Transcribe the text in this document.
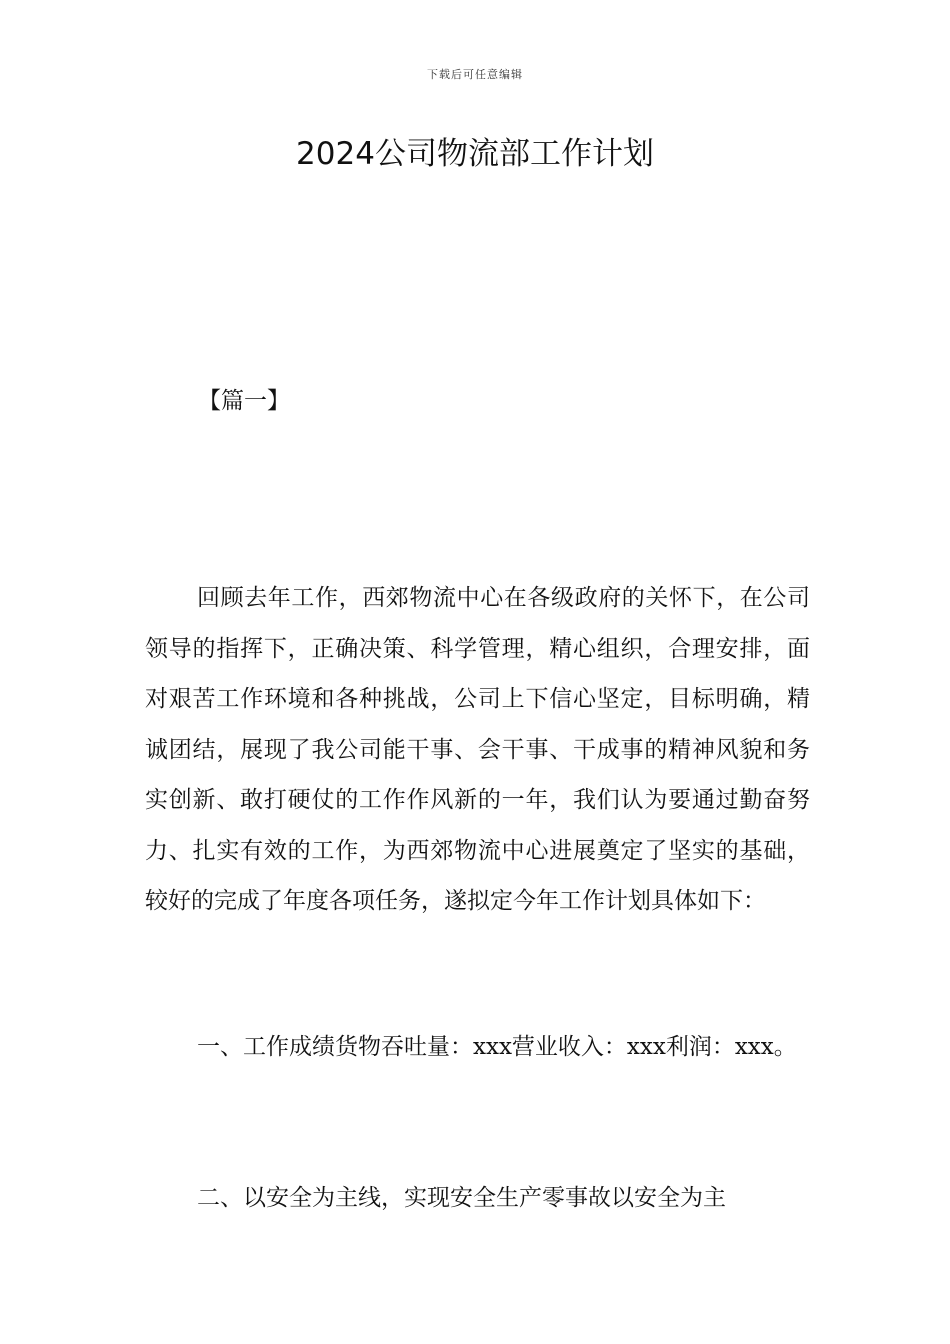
下载后可任意编辑
2024公司物流部工作计划
【篇一】

回顾去年工作，西郊物流中心在各级政府的关怀下，在公司领导的指挥下，正确决策、科学管理，精心组织，合理安排，面对艰苦工作环境和各种挑战，公司上下信心坚定，目标明确，精诚团结，展现了我公司能干事、会干事、干成事的精神风貌和务实创新、敢打硬仗的工作作风新的一年，我们认为要通过勤奋努力、扎实有效的工作，为西郊物流中心进展奠定了坚实的基础，较好的完成了年度各项任务，遂拟定今年工作计划具体如下：

一、工作成绩货物吞吐量：xxx营业收入：xxx利润：xxx。

二、以安全为主线，实现安全生产零事故以安全为主
